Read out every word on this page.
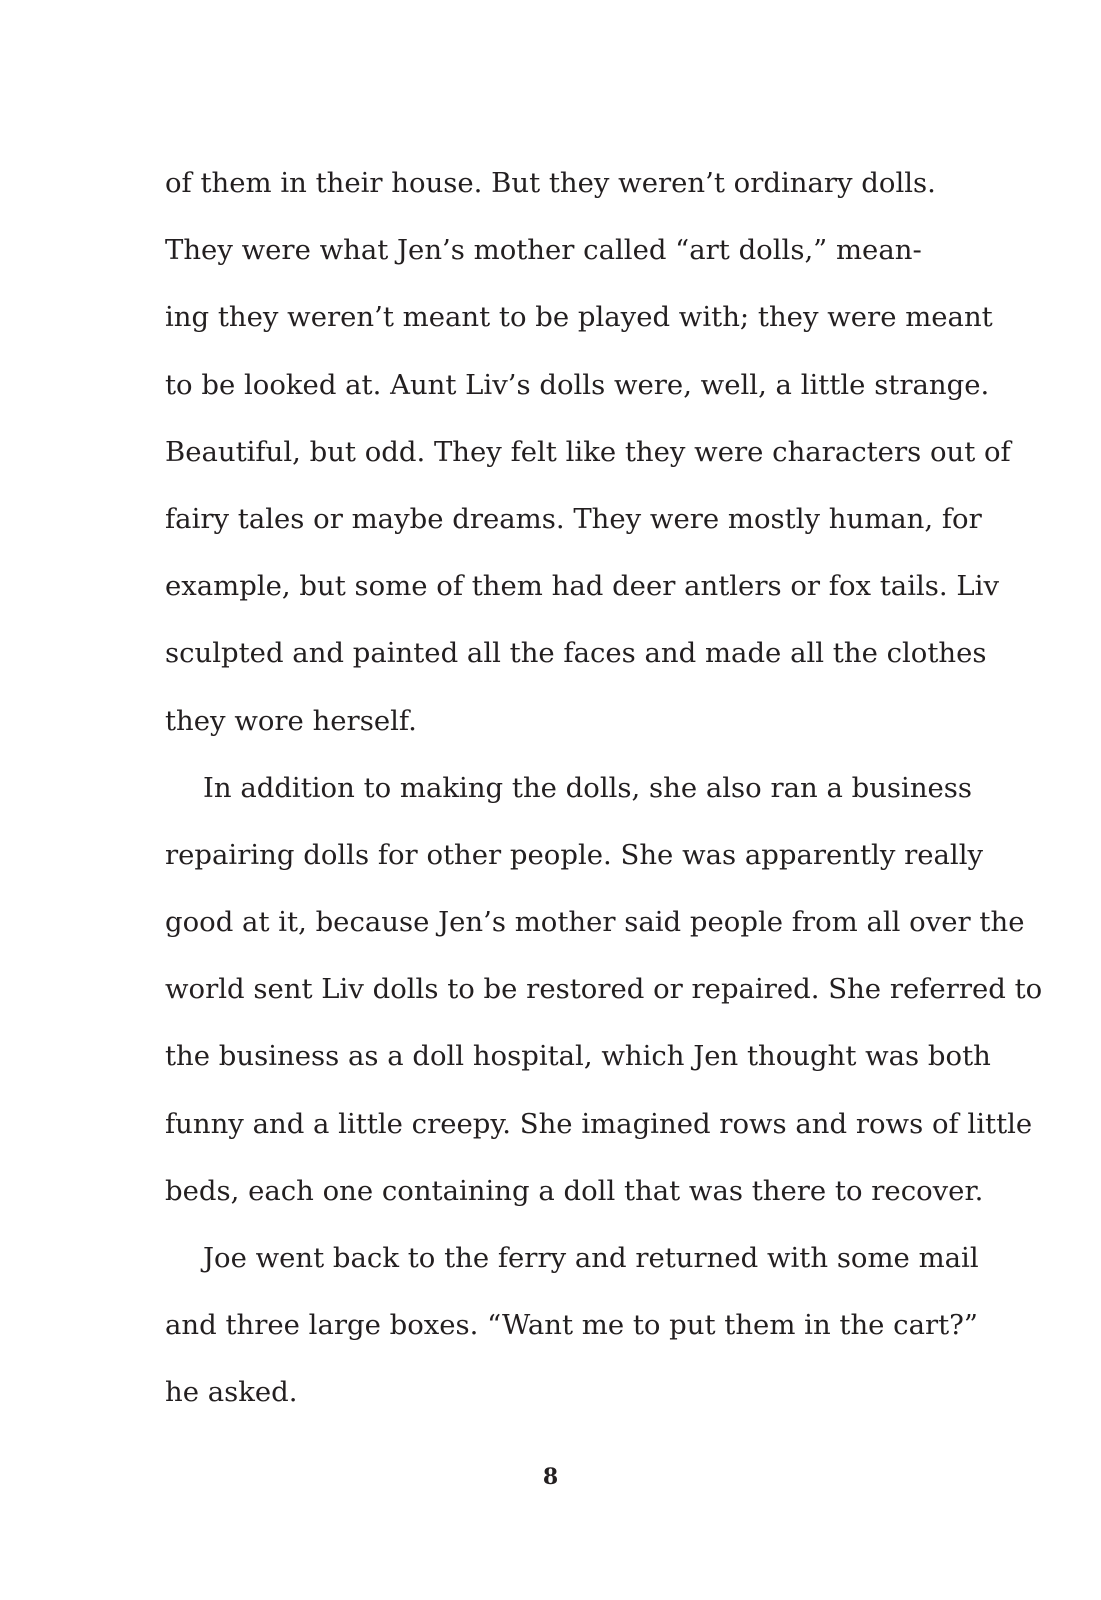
of them in their house. But they weren’t ordinary dolls.
They were what Jen’s mother called “art dolls,” mean-
ing they weren’t meant to be played with; they were meant
to be looked at. Aunt Liv’s dolls were, well, a little strange.
Beautiful, but odd. They felt like they were characters out of
fairy tales or maybe dreams. They were mostly human, for
example, but some of them had deer antlers or fox tails. Liv
sculpted and painted all the faces and made all the clothes
they wore herself.
In addition to making the dolls, she also ran a business
repairing dolls for other people. She was apparently really
good at it, because Jen’s mother said people from all over the
world sent Liv dolls to be restored or repaired. She referred to
the business as a doll hospital, which Jen thought was both
funny and a little creepy. She imagined rows and rows of little
beds, each one containing a doll that was there to recover.
Joe went back to the ferry and returned with some mail
and three large boxes. “Want me to put them in the cart?”
he asked.
8
